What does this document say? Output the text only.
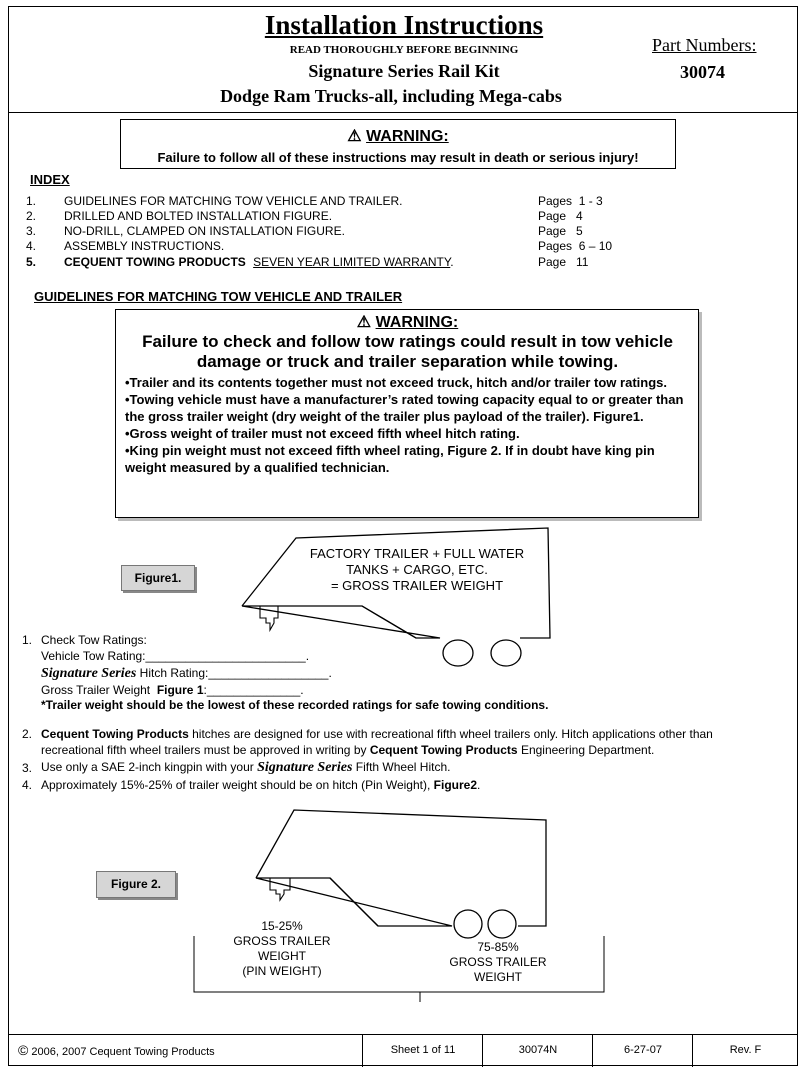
Installation Instructions
READ THOROUGHLY BEFORE BEGINNING
Signature Series Rail Kit
Dodge Ram Trucks-all, including Mega-cabs
Part Numbers:
30074
⚠ WARNING:
Failure to follow all of these instructions may result in death or serious injury!
INDEX
1. GUIDELINES FOR MATCHING TOW VEHICLE AND TRAILER.	Pages  1 - 3
2. DRILLED AND BOLTED INSTALLATION FIGURE.	Page   4
3. NO-DRILL, CLAMPED ON INSTALLATION FIGURE.	Page   5
4. ASSEMBLY INSTRUCTIONS.	Pages  6 – 10
5. CEQUENT TOWING PRODUCTS SEVEN YEAR LIMITED WARRANTY.	Page   11
GUIDELINES FOR MATCHING TOW VEHICLE AND TRAILER
⚠ WARNING:
Failure to check and follow tow ratings could result in tow vehicle
damage or truck and trailer separation while towing.
•Trailer and its contents together must not exceed truck, hitch and/or trailer tow ratings.
•Towing vehicle must have a manufacturer’s rated towing capacity equal to or greater than the gross trailer weight (dry weight of the trailer plus payload of the trailer). Figure1.
•Gross weight of trailer must not exceed fifth wheel hitch rating.
•King pin weight must not exceed fifth wheel rating, Figure 2. If in doubt have king pin weight measured by a qualified technician.
Figure1.
FACTORY TRAILER + FULL WATER
TANKS + CARGO, ETC.
= GROSS TRAILER WEIGHT
1. Check Tow Ratings:
Vehicle Tow Rating:________________________.
Signature Series Hitch Rating:__________________.
Gross Trailer Weight  Figure 1:______________.
*Trailer weight should be the lowest of these recorded ratings for safe towing conditions.
2. Cequent Towing Products hitches are designed for use with recreational fifth wheel trailers only. Hitch applications other than
recreational fifth wheel trailers must be approved in writing by Cequent Towing Products Engineering Department.
3. Use only a SAE 2-inch kingpin with your Signature Series Fifth Wheel Hitch.
4. Approximately 15%-25% of trailer weight should be on hitch (Pin Weight), Figure2.
Figure 2.
15-25%
GROSS TRAILER
WEIGHT
(PIN WEIGHT)
75-85%
GROSS TRAILER
WEIGHT
© 2006, 2007 Cequent Towing Products	Sheet 1 of 11	30074N	6-27-07	Rev. F
